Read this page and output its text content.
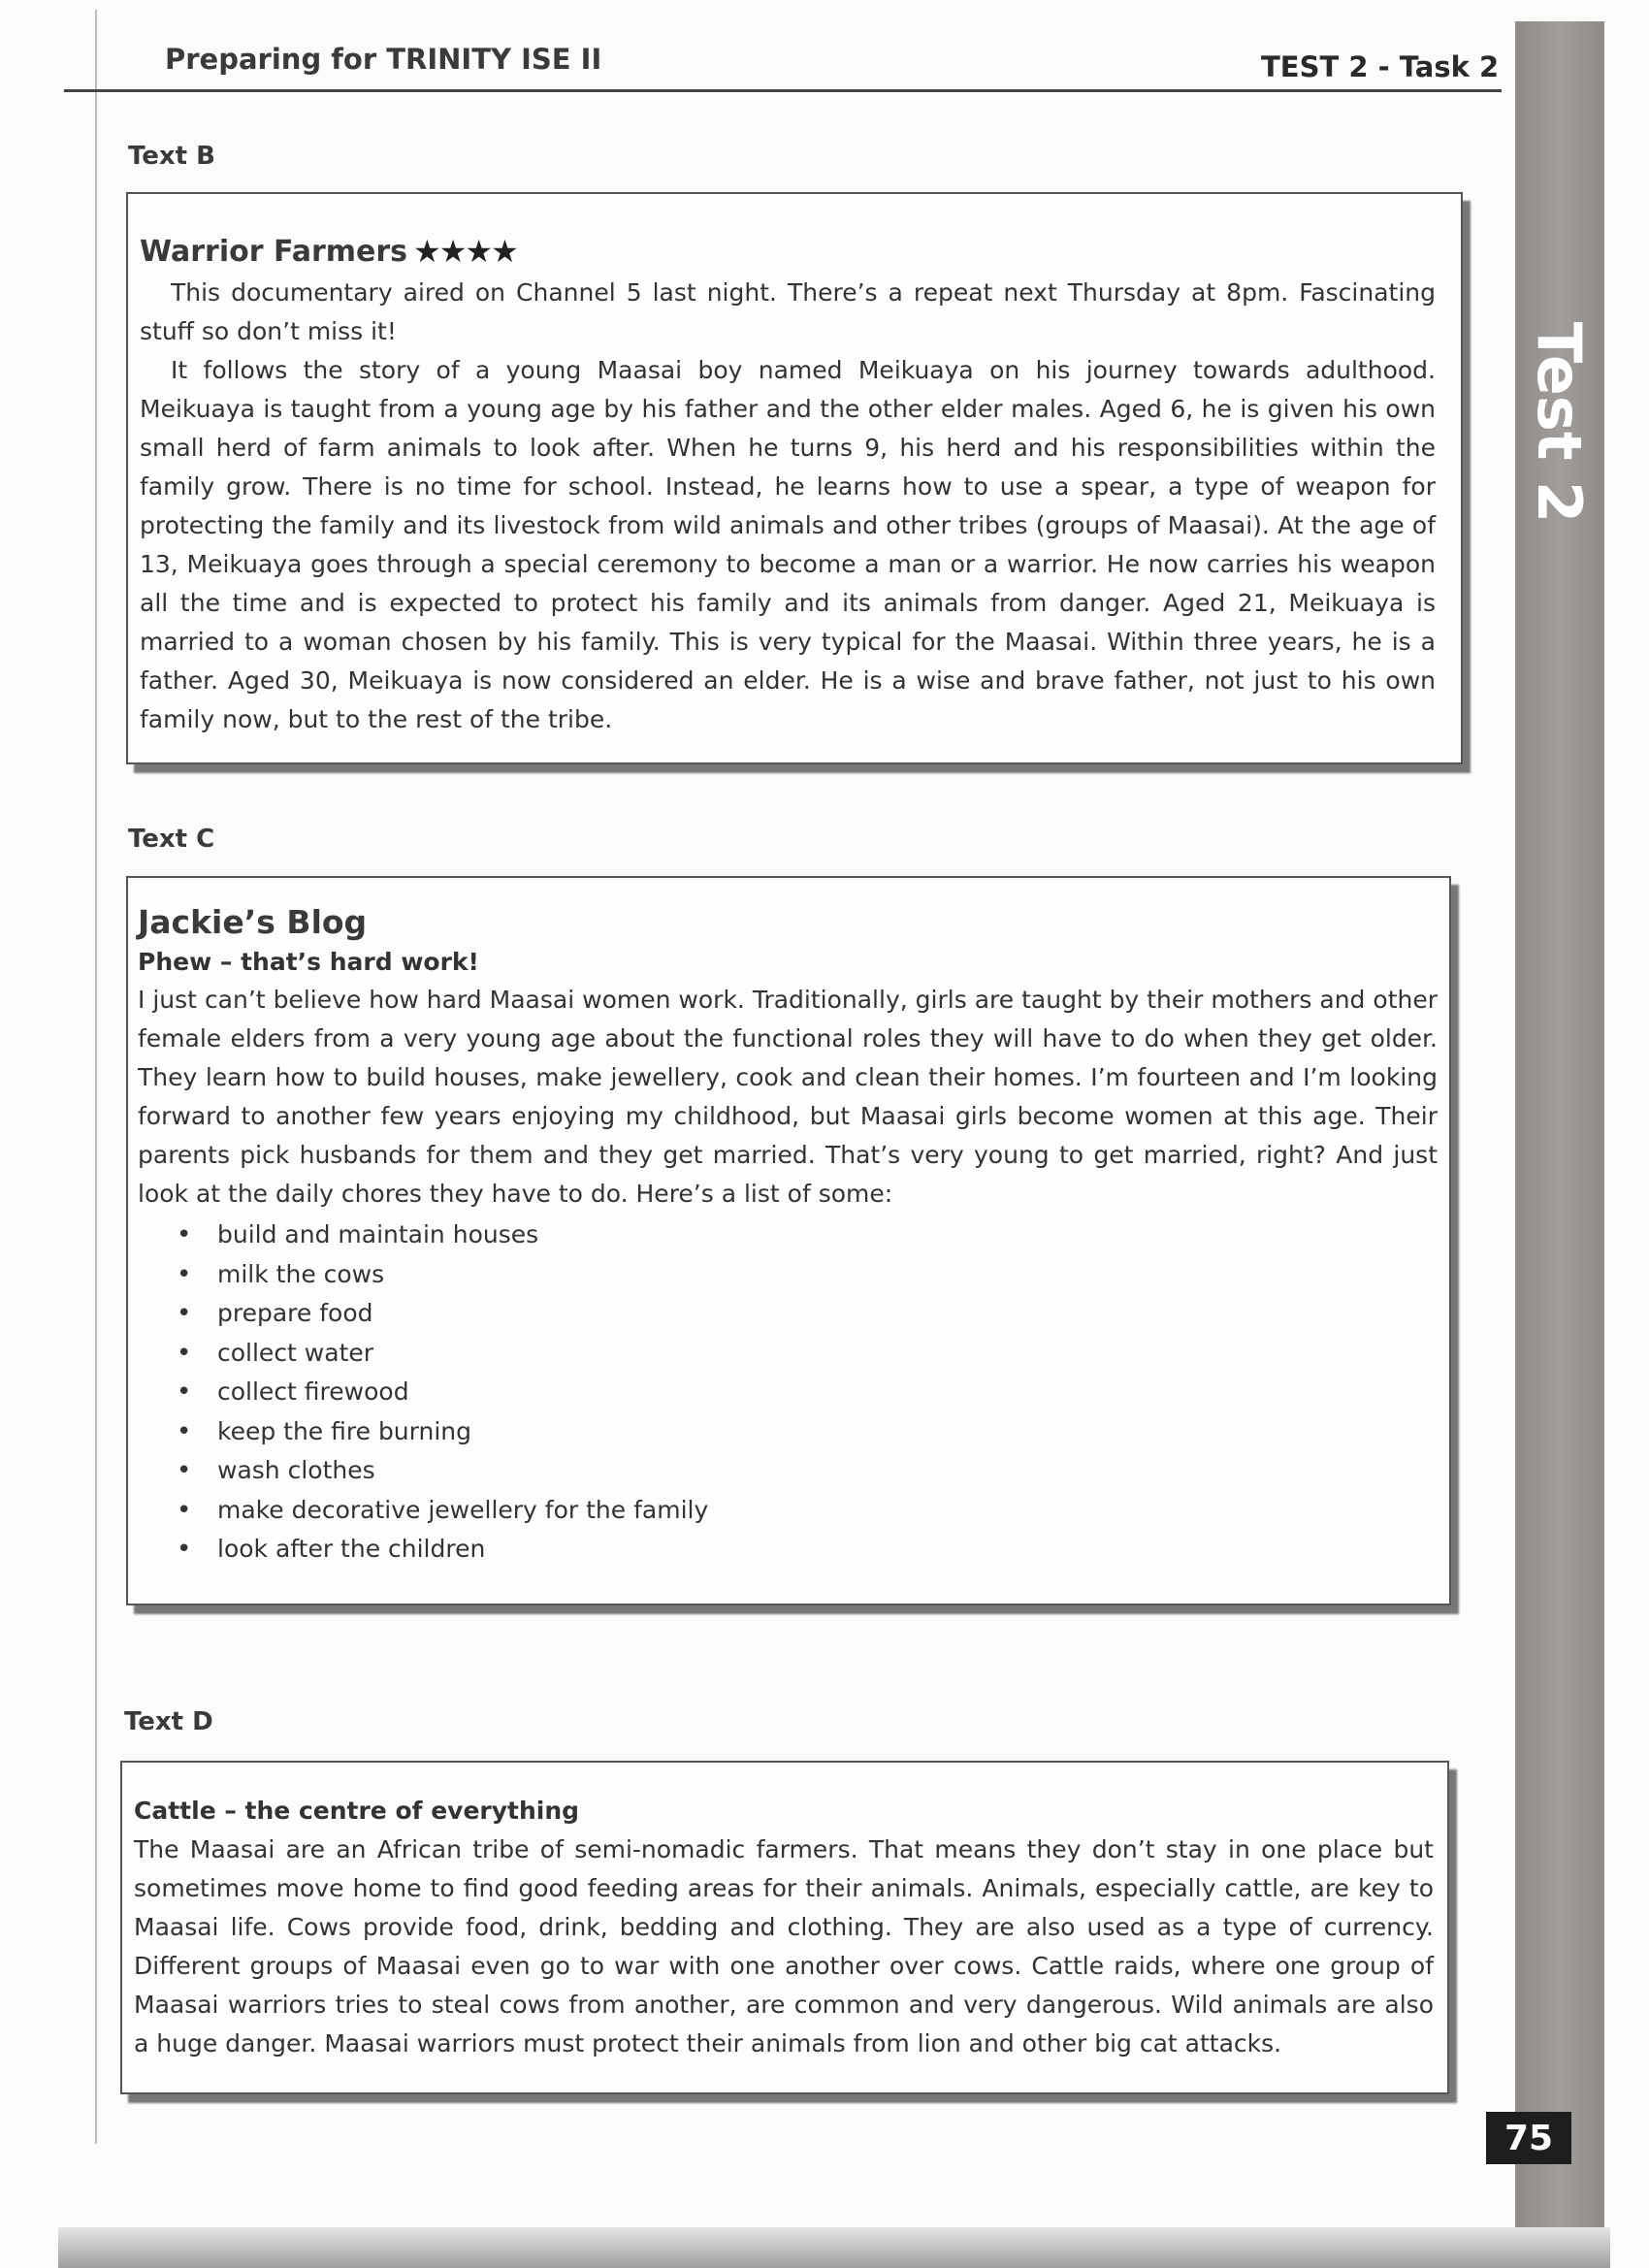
Preparing for TRINITY ISE II	TEST 2 - Task 2
Test 2
Text B
Warrior Farmers ★★★★

This documentary aired on Channel 5 last night. There’s a repeat next Thursday at 8pm. Fascinating stuff so don’t miss it!

It follows the story of a young Maasai boy named Meikuaya on his journey towards adulthood. Meikuaya is taught from a young age by his father and the other elder males. Aged 6, he is given his own small herd of farm animals to look after. When he turns 9, his herd and his responsibilities within the family grow. There is no time for school. Instead, he learns how to use a spear, a type of weapon for protecting the family and its livestock from wild animals and other tribes (groups of Maasai). At the age of 13, Meikuaya goes through a special ceremony to become a man or a warrior. He now carries his weapon all the time and is expected to protect his family and its animals from danger. Aged 21, Meikuaya is married to a woman chosen by his family. This is very typical for the Maasai. Within three years, he is a father. Aged 30, Meikuaya is now considered an elder. He is a wise and brave father, not just to his own family now, but to the rest of the tribe.

Text C

Jackie’s Blog

Phew – that’s hard work!

I just can’t believe how hard Maasai women work. Traditionally, girls are taught by their mothers and other female elders from a very young age about the functional roles they will have to do when they get older. They learn how to build houses, make jewellery, cook and clean their homes. I’m fourteen and I’m looking forward to another few years enjoying my childhood, but Maasai girls become women at this age. Their parents pick husbands for them and they get married. That’s very young to get married, right? And just look at the daily chores they have to do. Here’s a list of some:

• build and maintain houses
• milk the cows
• prepare food
• collect water
• collect firewood
• keep the fire burning
• wash clothes
• make decorative jewellery for the family
• look after the children
Text D

Cattle – the centre of everything

The Maasai are an African tribe of semi-nomadic farmers. That means they don’t stay in one place but sometimes move home to find good feeding areas for their animals. Animals, especially cattle, are key to Maasai life. Cows provide food, drink, bedding and clothing. They are also used as a type of currency. Different groups of Maasai even go to war with one another over cows. Cattle raids, where one group of Maasai warriors tries to steal cows from another, are common and very dangerous. Wild animals are also a huge danger. Maasai warriors must protect their animals from lion and other big cat attacks.

75
